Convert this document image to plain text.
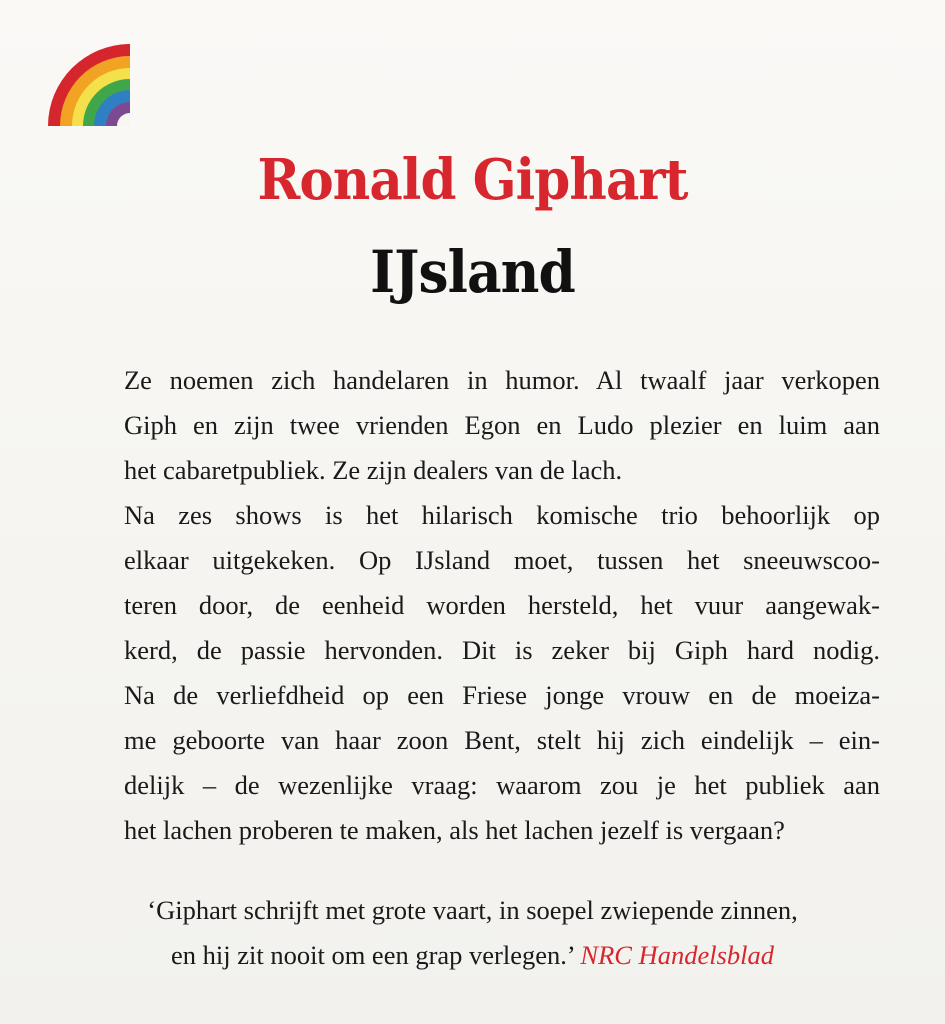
Ronald Giphart
IJsland
Ze noemen zich handelaren in humor. Al twaalf jaar verkopen
Giph en zijn twee vrienden Egon en Ludo plezier en luim aan
het cabaretpubliek. Ze zijn dealers van de lach.
Na zes shows is het hilarisch komische trio behoorlijk op
elkaar uitgekeken. Op IJsland moet, tussen het sneeuwscoo-
teren door, de eenheid worden hersteld, het vuur aangewak-
kerd, de passie hervonden. Dit is zeker bij Giph hard nodig.
Na de verliefdheid op een Friese jonge vrouw en de moeiza-
me geboorte van haar zoon Bent, stelt hij zich eindelijk – ein-
delijk – de wezenlijke vraag: waarom zou je het publiek aan
het lachen proberen te maken, als het lachen jezelf is vergaan?
‘Giphart schrijft met grote vaart, in soepel zwiepende zinnen,
en hij zit nooit om een grap verlegen.’ NRC Handelsblad
